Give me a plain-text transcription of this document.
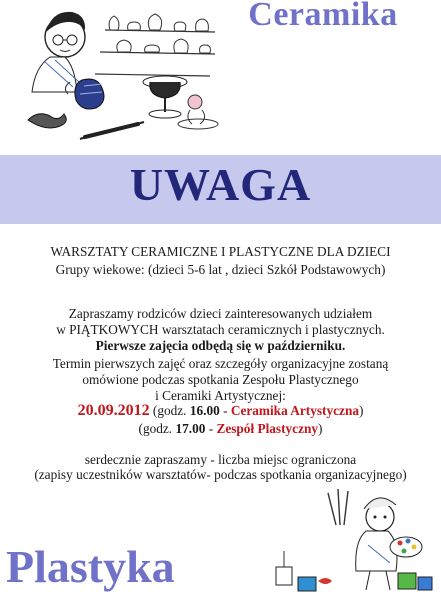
Ceramika
UWAGA
WARSZTATY CERAMICZNE I PLASTYCZNE DLA DZIECI
Grupy wiekowe: (dzieci 5-6 lat , dzieci Szkół Podstawowych)
Zapraszamy rodziców dzieci zainteresowanych udziałem
w PIĄTKOWYCH warsztatach ceramicznych i plastycznych.
Pierwsze zajęcia odbędą się w październiku.
Termin pierwszych zajęć oraz szczegóły organizacyjne zostaną
omówione podczas spotkania Zespołu Plastycznego
i Ceramiki Artystycznej:
20.09.2012 (godz. 16.00 - Ceramika Artystyczna)
(godz. 17.00 - Zespół Plastyczny)
serdecznie zapraszamy - liczba miejsc ograniczona
(zapisy uczestników warsztatów- podczas spotkania organizacyjnego)
Plastyka
